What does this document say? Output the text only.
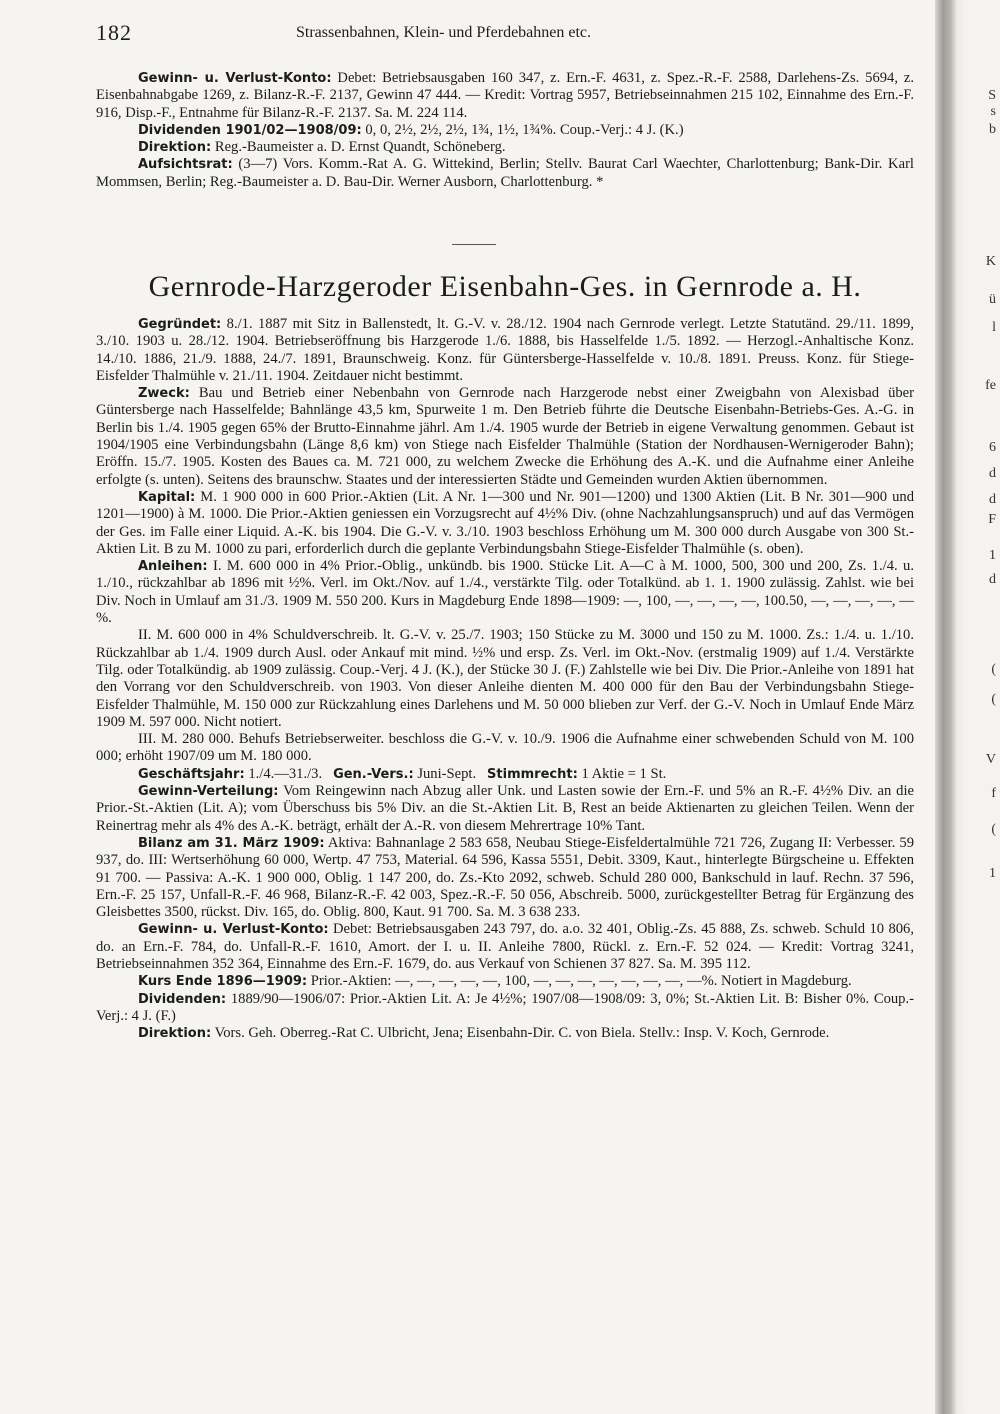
182	Strassenbahnen, Klein- und Pferdebahnen etc.

Gewinn- u. Verlust-Konto: Debet: Betriebsausgaben 160 347, z. Ern.-F. 4631, z. Spez.-R.-F. 2588, Darlehens-Zs. 5694, z. Eisenbahnabgabe 1269, z. Bilanz-R.-F. 2137, Gewinn 47 444. — Kredit: Vortrag 5957, Betriebseinnahmen 215 102, Einnahme des Ern.-F. 916, Disp.-F., Entnahme für Bilanz-R.-F. 2137. Sa. M. 224 114.

Dividenden 1901/02—1908/09: 0, 0, 2½, 2½, 2½, 1¾, 1½, 1¾%. Coup.-Verj.: 4 J. (K.)

Direktion: Reg.-Baumeister a. D. Ernst Quandt, Schöneberg.

Aufsichtsrat: (3—7) Vors. Komm.-Rat A. G. Wittekind, Berlin; Stellv. Baurat Carl Waechter, Charlottenburg; Bank-Dir. Karl Mommsen, Berlin; Reg.-Baumeister a. D. Bau-Dir. Werner Ausborn, Charlottenburg. *

Gernrode-Harzgeroder Eisenbahn-Ges. in Gernrode a. H.

Gegründet: 8./1. 1887 mit Sitz in Ballenstedt, lt. G.-V. v. 28./12. 1904 nach Gernrode verlegt. Letzte Statutänd. 29./11. 1899, 3./10. 1903 u. 28./12. 1904. Betriebseröffnung bis Harzgerode 1./6. 1888, bis Hasselfelde 1./5. 1892. — Herzogl.-Anhaltische Konz. 14./10. 1886, 21./9. 1888, 24./7. 1891, Braunschweig. Konz. für Güntersberge-Hasselfelde v. 10./8. 1891. Preuss. Konz. für Stiege-Eisfelder Thalmühle v. 21./11. 1904. Zeitdauer nicht bestimmt.

Zweck: Bau und Betrieb einer Nebenbahn von Gernrode nach Harzgerode nebst einer Zweigbahn von Alexisbad über Güntersberge nach Hasselfelde; Bahnlänge 43,5 km, Spurweite 1 m. Den Betrieb führte die Deutsche Eisenbahn-Betriebs-Ges. A.-G. in Berlin bis 1./4. 1905 gegen 65% der Brutto-Einnahme jährl. Am 1./4. 1905 wurde der Betrieb in eigene Verwaltung genommen. Gebaut ist 1904/1905 eine Verbindungsbahn (Länge 8,6 km) von Stiege nach Eisfelder Thalmühle (Station der Nordhausen-Wernigeroder Bahn); Eröffn. 15./7. 1905. Kosten des Baues ca. M. 721 000, zu welchem Zwecke die Erhöhung des A.-K. und die Aufnahme einer Anleihe erfolgte (s. unten). Seitens des braunschw. Staates und der interessierten Städte und Gemeinden wurden Aktien übernommen.

Kapital: M. 1 900 000 in 600 Prior.-Aktien (Lit. A Nr. 1—300 und Nr. 901—1200) und 1300 Aktien (Lit. B Nr. 301—900 und 1201—1900) à M. 1000. Die Prior.-Aktien geniessen ein Vorzugsrecht auf 4½% Div. (ohne Nachzahlungsanspruch) und auf das Vermögen der Ges. im Falle einer Liquid. A.-K. bis 1904. Die G.-V. v. 3./10. 1903 beschloss Erhöhung um M. 300 000 durch Ausgabe von 300 St.-Aktien Lit. B zu M. 1000 zu pari, erforderlich durch die geplante Verbindungsbahn Stiege-Eisfelder Thalmühle (s. oben).

Anleihen: I. M. 600 000 in 4% Prior.-Oblig., unkündb. bis 1900. Stücke Lit. A—C à M. 1000, 500, 300 und 200, Zs. 1./4. u. 1./10., rückzahlbar ab 1896 mit ½%. Verl. im Okt./Nov. auf 1./4., verstärkte Tilg. oder Totalkünd. ab 1. 1. 1900 zulässig. Zahlst. wie bei Div. Noch in Umlauf am 31./3. 1909 M. 550 200. Kurs in Magdeburg Ende 1898—1909: —, 100, —, —, —, —, 100.50, —, —, —, —, —%.

II. M. 600 000 in 4% Schuldverschreib. lt. G.-V. v. 25./7. 1903; 150 Stücke zu M. 3000 und 150 zu M. 1000. Zs.: 1./4. u. 1./10. Rückzahlbar ab 1./4. 1909 durch Ausl. oder Ankauf mit mind. ½% und ersp. Zs. Verl. im Okt.-Nov. (erstmalig 1909) auf 1./4. Verstärkte Tilg. oder Totalkündig. ab 1909 zulässig. Coup.-Verj. 4 J. (K.), der Stücke 30 J. (F.) Zahlstelle wie bei Div. Die Prior.-Anleihe von 1891 hat den Vorrang vor den Schuldverschreib. von 1903. Von dieser Anleihe dienten M. 400 000 für den Bau der Verbindungsbahn Stiege-Eisfelder Thalmühle, M. 150 000 zur Rückzahlung eines Darlehens und M. 50 000 blieben zur Verf. der G.-V. Noch in Umlauf Ende März 1909 M. 597 000. Nicht notiert.

III. M. 280 000. Behufs Betriebserweiter. beschloss die G.-V. v. 10./9. 1906 die Aufnahme einer schwebenden Schuld von M. 100 000; erhöht 1907/09 um M. 180 000.

Geschäftsjahr: 1./4.—31./3. Gen.-Vers.: Juni-Sept. Stimmrecht: 1 Aktie = 1 St.

Gewinn-Verteilung: Vom Reingewinn nach Abzug aller Unk. und Lasten sowie der Ern.-F. und 5% an R.-F. 4½% Div. an die Prior.-St.-Aktien (Lit. A); vom Überschuss bis 5% Div. an die St.-Aktien Lit. B, Rest an beide Aktienarten zu gleichen Teilen. Wenn der Reinertrag mehr als 4% des A.-K. beträgt, erhält der A.-R. von diesem Mehrertrage 10% Tant.

Bilanz am 31. März 1909: Aktiva: Bahnanlage 2 583 658, Neubau Stiege-Eisfeldertalmühle 721 726, Zugang II: Verbesser. 59 937, do. III: Wertserhöhung 60 000, Wertp. 47 753, Material. 64 596, Kassa 5551, Debit. 3309, Kaut., hinterlegte Bürgscheine u. Effekten 91 700. — Passiva: A.-K. 1 900 000, Oblig. 1 147 200, do. Zs.-Kto 2092, schweb. Schuld 280 000, Bankschuld in lauf. Rechn. 37 596, Ern.-F. 25 157, Unfall-R.-F. 46 968, Bilanz-R.-F. 42 003, Spez.-R.-F. 50 056, Abschreib. 5000, zurückgestellter Betrag für Ergänzung des Gleisbettes 3500, rückst. Div. 165, do. Oblig. 800, Kaut. 91 700. Sa. M. 3 638 233.

Gewinn- u. Verlust-Konto: Debet: Betriebsausgaben 243 797, do. a.o. 32 401, Oblig.-Zs. 45 888, Zs. schweb. Schuld 10 806, do. an Ern.-F. 784, do. Unfall-R.-F. 1610, Amort. der I. u. II. Anleihe 7800, Rückl. z. Ern.-F. 52 024. — Kredit: Vortrag 3241, Betriebseinnahmen 352 364, Einnahme des Ern.-F. 1679, do. aus Verkauf von Schienen 37 827. Sa. M. 395 112.

Kurs Ende 1896—1909: Prior.-Aktien: —, —, —, —, —, 100, —, —, —, —, —, —, —, —%. Notiert in Magdeburg.

Dividenden: 1889/90—1906/07: Prior.-Aktien Lit. A: Je 4½%; 1907/08—1908/09: 3, 0%; St.-Aktien Lit. B: Bisher 0%. Coup.-Verj.: 4 J. (F.)

Direktion: Vors. Geh. Oberreg.-Rat C. Ulbricht, Jena; Eisenbahn-Dir. C. von Biela. Stellv.: Insp. V. Koch, Gernrode.

S
s
b
K
ü
l
fe
6
d
d
F
1
d
(
(
V
f
(
1
